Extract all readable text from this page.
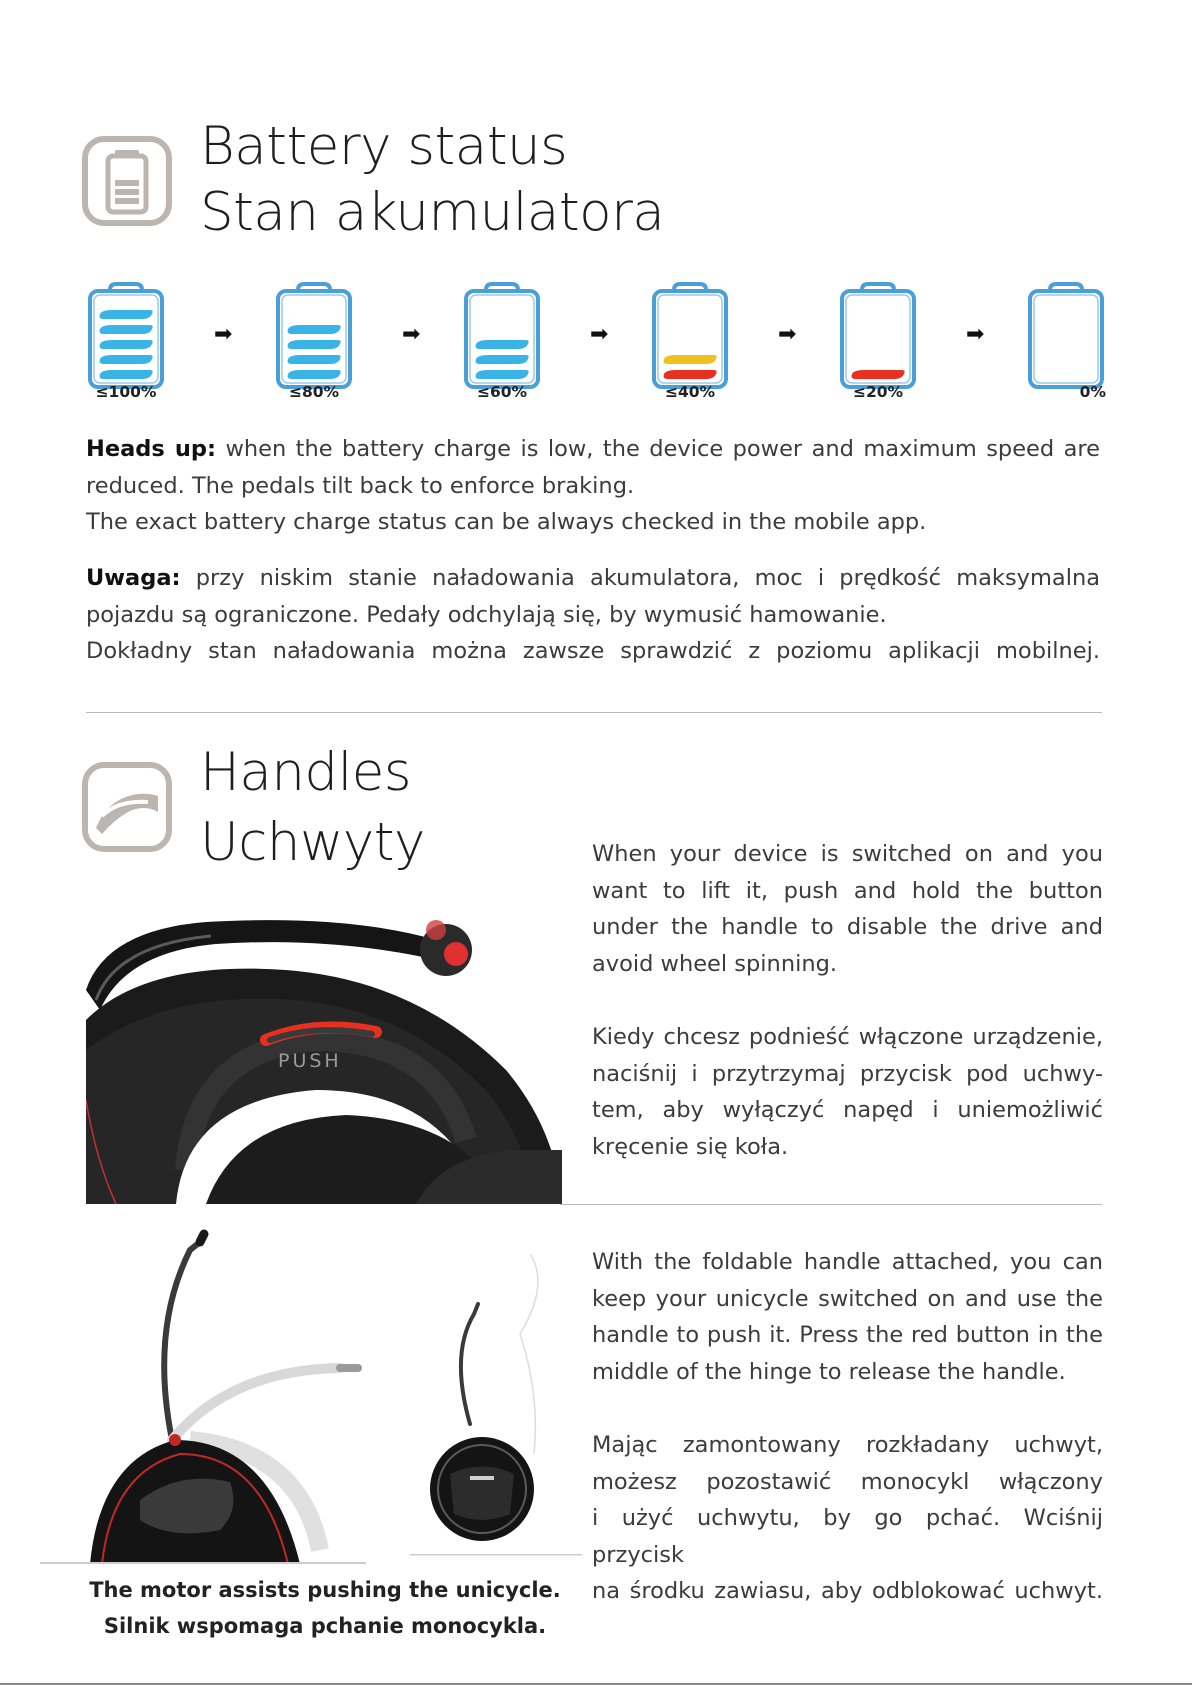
Battery status
Stan akumulatora
≤100%
➡
≤80%
➡
≤60%
➡
≤40%
➡
≤20%
➡
0%
Heads up: when the battery charge is low, the device power and maximum speed are
reduced. The pedals tilt back to enforce braking.
The exact battery charge status can be always checked in the mobile app.
Uwaga: przy niskim stanie naładowania akumulatora, moc i prędkość maksymalna
pojazdu są ograniczone. Pedały odchylają się, by wymusić hamowanie.
Dokładny stan naładowania można zawsze sprawdzić z poziomu aplikacji mobilnej.
Handles
Uchwyty
PUSH
When your device is switched on and you
want to lift it, push and hold the button
under the handle to disable the drive and
avoid wheel spinning.
Kiedy chcesz podnieść włączone urządzenie,
naciśnij i przytrzymaj przycisk pod uchwy-
tem, aby wyłączyć napęd i uniemożliwić
kręcenie się koła.
With the foldable handle attached, you can
keep your unicycle switched on and use the
handle to push it. Press the red button in the
middle of the hinge to release the handle.
Mając zamontowany rozkładany uchwyt,
możesz pozostawić monocykl włączony
i użyć uchwytu, by go pchać. Wciśnij przycisk
na środku zawiasu, aby odblokować uchwyt.
The motor assists pushing the unicycle.
Silnik wspomaga pchanie monocykla.
